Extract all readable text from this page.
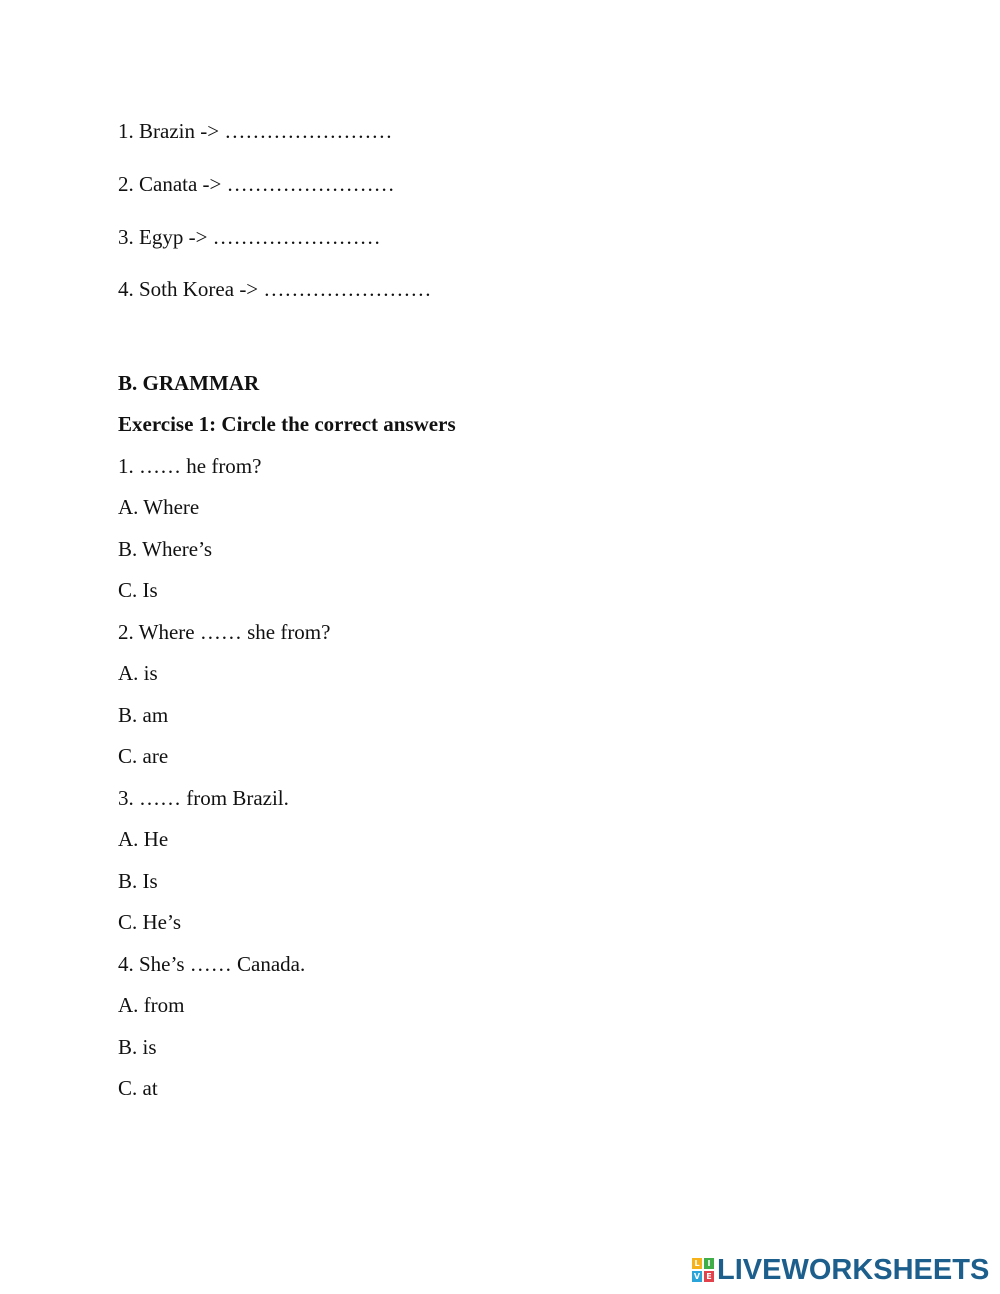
1. Brazin -> ……………………
2. Canata -> ……………………
3. Egyp -> ……………………
4. Soth Korea -> ……………………
B. GRAMMAR
Exercise 1: Circle the correct answers
1. …… he from?
A. Where
B. Where’s
C. Is
2. Where …… she from?
A. is
B. am
C. are
3. …… from Brazil.
A. He
B. Is
C. He’s
4. She’s …… Canada.
A. from
B. is
C. at
L I
V E LIVEWORKSHEETS
